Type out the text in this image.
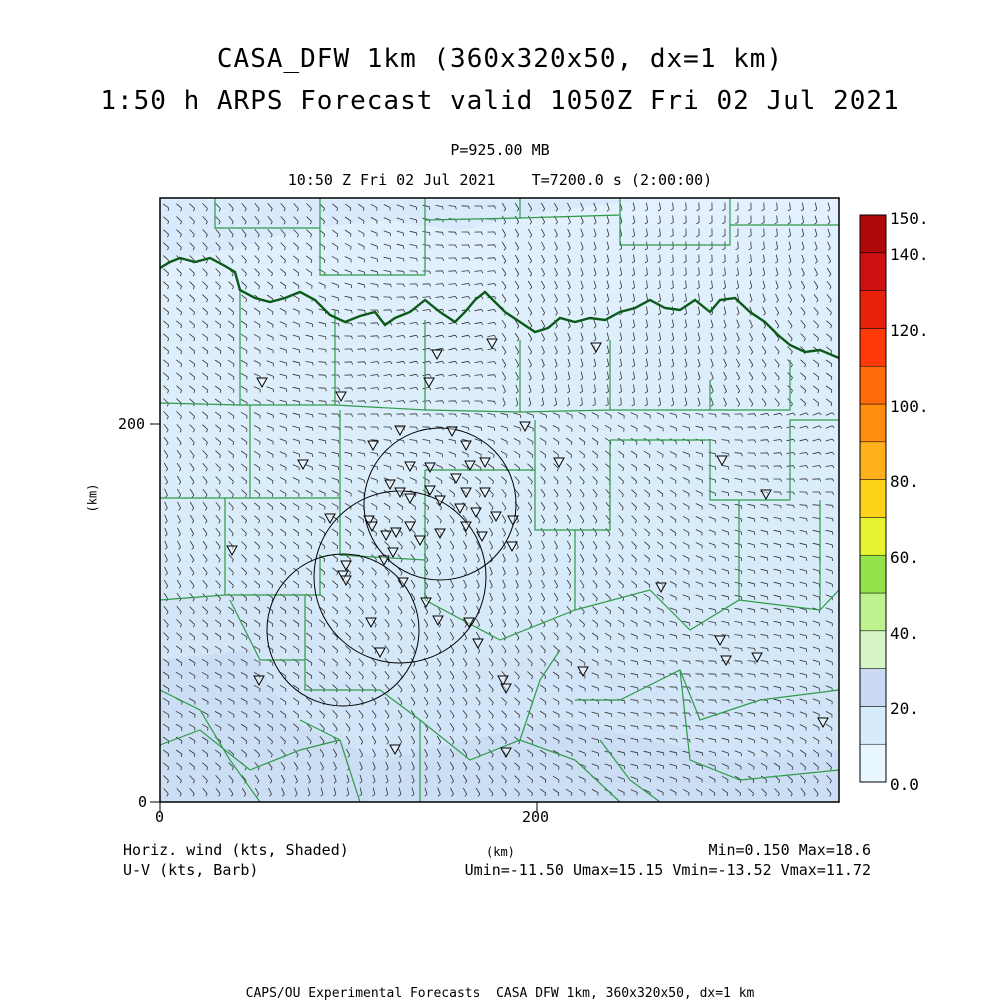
CASA_DFW 1km (360x320x50, dx=1 km)
1:50 h ARPS Forecast valid 1050Z Fri 02 Jul 2021
P=925.00 MB
10:50 Z Fri 02 Jul 2021    T=7200.0 s (2:00:00)
200
0
0	200
(km)
(km)
150.
140.
120.
100.
80.
60.
40.
20.
0.0
Horiz. wind (kts, Shaded)
U-V (kts, Barb)
Min=0.150 Max=18.6
Umin=-11.50 Umax=15.15 Vmin=-13.52 Vmax=11.72
CAPS/OU Experimental Forecasts  CASA DFW 1km, 360x320x50, dx=1 km
